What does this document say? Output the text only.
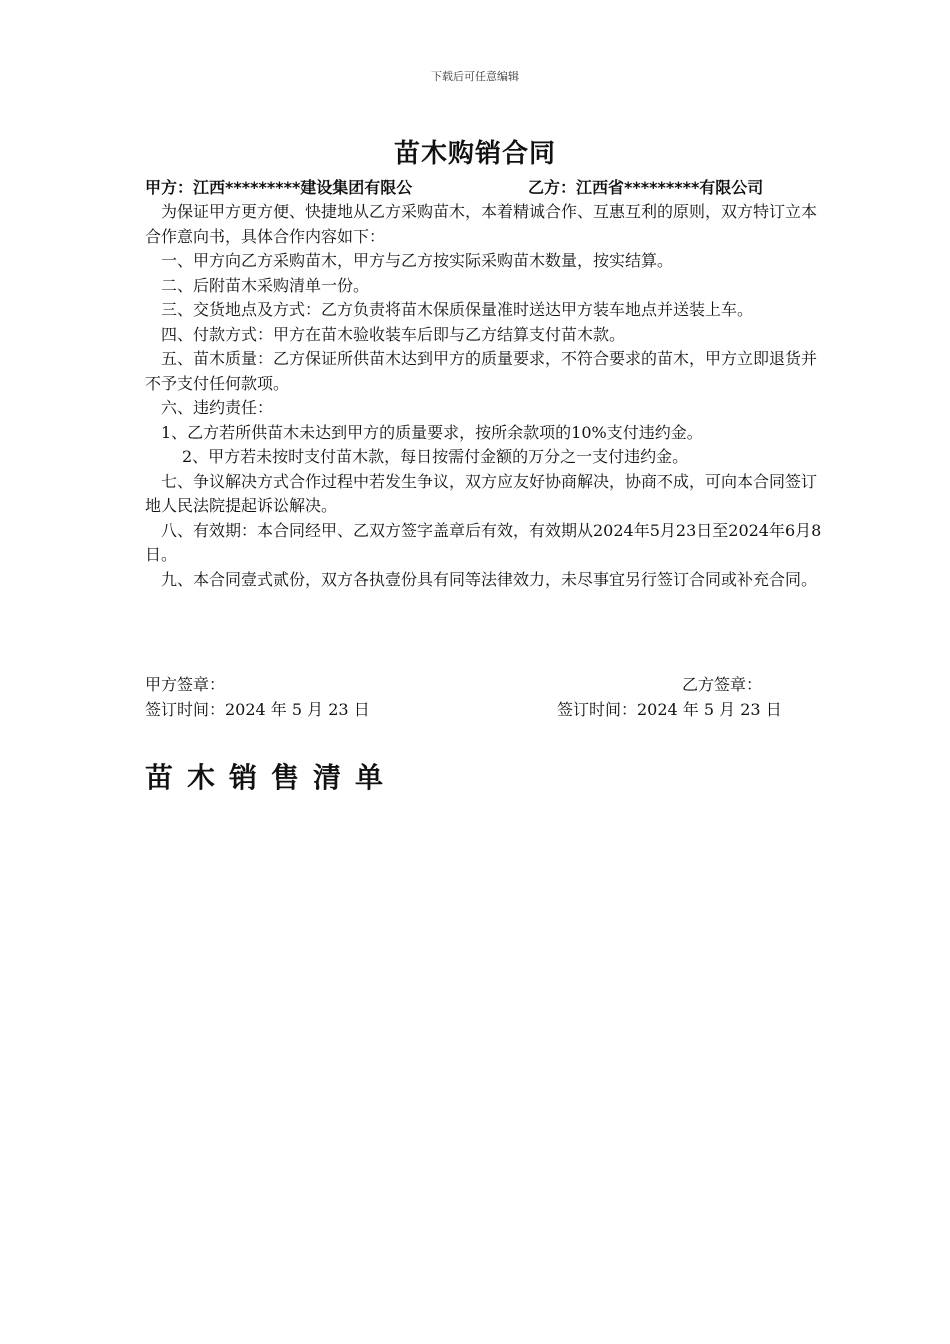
下载后可任意编辑
苗木购销合同
甲方：江西*********建设集团有限公	乙方：江西省*********有限公司

为保证甲方更方便、快捷地从乙方采购苗木，本着精诚合作、互惠互利的原则，双方特订立本合作意向书，具体合作内容如下：

一、甲方向乙方采购苗木，甲方与乙方按实际采购苗木数量，按实结算。

二、后附苗木采购清单一份。

三、交货地点及方式：乙方负责将苗木保质保量准时送达甲方装车地点并送装上车。

四、付款方式：甲方在苗木验收装车后即与乙方结算支付苗木款。

五、苗木质量：乙方保证所供苗木达到甲方的质量要求，不符合要求的苗木，甲方立即退货并不予支付任何款项。

六、违约责任：

1、乙方若所供苗木未达到甲方的质量要求，按所余款项的10%支付违约金。

2、甲方若未按时支付苗木款，每日按需付金额的万分之一支付违约金。

七、争议解决方式合作过程中若发生争议，双方应友好协商解决，协商不成，可向本合同签订地人民法院提起诉讼解决。

八、有效期：本合同经甲、乙双方签字盖章后有效，有效期从2024年5月23日至2024年6月8日。

九、本合同壹式贰份，双方各执壹份具有同等法律效力，未尽事宜另行签订合同或补充合同。

甲方签章：	乙方签章：
签订时间：2024 年 5 月 23 日	签订时间：2024 年 5 月 23 日
苗木销售清单
